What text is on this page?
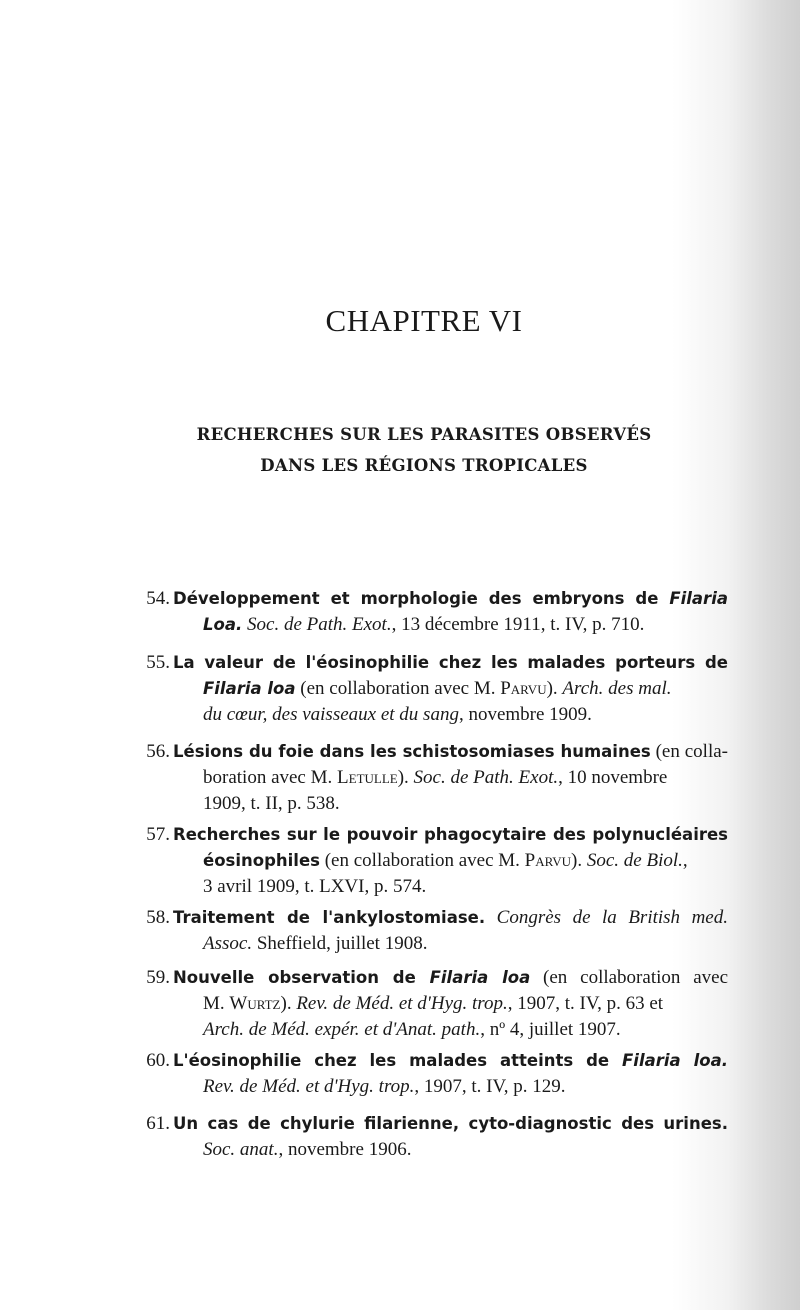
CHAPITRE VI
RECHERCHES SUR LES PARASITES OBSERVÉS
DANS LES RÉGIONS TROPICALES
54. Développement et morphologie des embryons de Filaria
Loa. Soc. de Path. Exot., 13 décembre 1911, t. IV, p. 710.
55. La valeur de l'éosinophilie chez les malades porteurs de
Filaria loa (en collaboration avec M. Parvu). Arch. des mal.
du cœur, des vaisseaux et du sang, novembre 1909.
56. Lésions du foie dans les schistosomiases humaines (en colla-
boration avec M. Letulle). Soc. de Path. Exot., 10 novembre
1909, t. II, p. 538.
57. Recherches sur le pouvoir phagocytaire des polynucléaires
éosinophiles (en collaboration avec M. Parvu). Soc. de Biol.,
3 avril 1909, t. LXVI, p. 574.
58. Traitement de l'ankylostomiase. Congrès de la British med.
Assoc. Sheffield, juillet 1908.
59. Nouvelle observation de Filaria loa (en collaboration avec
M. Wurtz). Rev. de Méd. et d'Hyg. trop., 1907, t. IV, p. 63 et
Arch. de Méd. expér. et d'Anat. path., nº 4, juillet 1907.
60. L'éosinophilie chez les malades atteints de Filaria loa.
Rev. de Méd. et d'Hyg. trop., 1907, t. IV, p. 129.
61. Un cas de chylurie filarienne, cyto-diagnostic des urines.
Soc. anat., novembre 1906.
